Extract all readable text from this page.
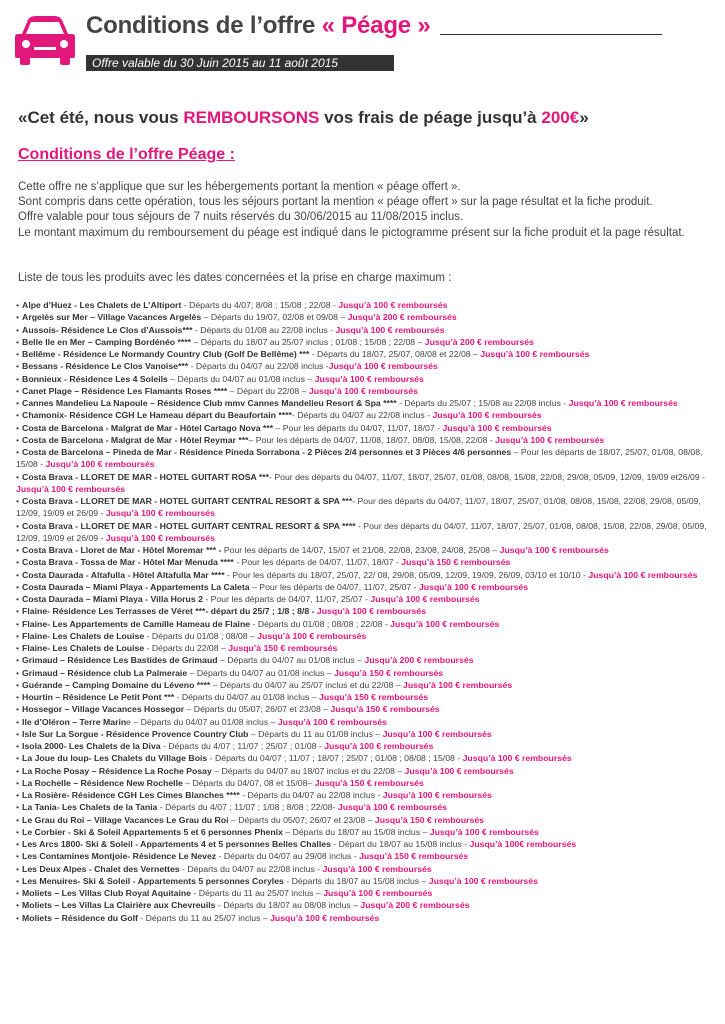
Conditions de l’offre « Péage »
Offre valable du 30 Juin 2015 au 11 août 2015
«Cet été, nous vous REMBOURSONS vos frais de péage jusqu’à 200€»
Conditions de l’offre Péage :

Cette offre ne s’applique que sur les hébergements portant la mention « péage offert ».

Sont compris dans cette opération, tous les séjours portant la mention « péage offert » sur la page résultat et la fiche produit.

Offre valable pour tous séjours de 7 nuits réservés du 30/06/2015 au 11/08/2015 inclus.

Le montant maximum du remboursement du péage est indiqué dans le pictogramme présent sur la fiche produit et la page résultat.

Liste de tous les produits avec les dates concernées et la prise en charge maximum :
• Alpe d’Huez - Les Chalets de L’Altiport - Départs du 4/07; 8/08 ; 15/08 ; 22/08 - Jusqu’à 100 € remboursés
• Argelès sur Mer – Village Vacances Argelès – Départs du 19/07, 02/08 et 09/08 – Jusqu’à 200 € remboursés
• Aussois- Résidence Le Clos d’Aussois*** - Départs du 01/08 au 22/08 inclus - Jusqu’à 100 € remboursés
• Belle Ile en Mer – Camping Bordénéo **** – Départs du 18/07 au 25/07 inclus ; 01/08 ; 15/08 ; 22/08 – Jusqu’à 200 € remboursés
• Bellême - Résidence Le Normandy Country Club (Golf De Bellême) *** - Départs du 18/07, 25/07, 08/08 et 22/08 – Jusqu’à 100 € remboursés
• Bessans - Résidence Le Clos Vanoise*** - Départs du 04/07 au 22/08 inclus -Jusqu’à 100 € remboursés
• Bonnieux - Résidence Les 4 Soleils – Départs du 04/07 au 01/08 inclus – Jusqu’à 100 € remboursés
• Canet Plage – Résidence Les Flamants Roses **** – Départ du 22/08 – Jusqu’à 100 € remboursés
• Cannes Mandelieu La Napoule – Résidence Club mmv Cannes Mandelieu Resort & Spa **** - Départs du 25/07 ; 15/08 au 22/08 inclus - Jusqu’à 100 € remboursés
• Chamonix- Résidence CGH Le Hameau départ du Beaufortain ****- Départs du 04/07 au 22/08 inclus - Jusqu’à 100 € remboursés
• Costa de Barcelona - Malgrat de Mar - Hôtel Cartago Nova *** – Pour les départs du 04/07, 11/07, 18/07 - Jusqu’à 100 € remboursés
• Costa de Barcelona - Malgrat de Mar - Hôtel Reymar ***– Pour les départs de 04/07, 11/08, 18/07, 08/08, 15/08, 22/08 - Jusqu’à 100 € remboursés
• Costa de Barcelona – Pineda de Mar - Résidence Pineda Sorrabona - 2 Pièces 2/4 personnes et 3 Pièces 4/6 personnes – Pour les départs de 18/07, 25/07, 01/08, 08/08, 15/08 - Jusqu’à 100 € remboursés
• Costa Brava - LLORET DE MAR - HOTEL GUITART ROSA ***- Pour des départs du 04/07, 11/07, 18/07, 25/07, 01/08, 08/08, 15/08, 22/08, 29/08, 05/09, 12/09, 19/09 et26/09 - Jusqu’à 100 € remboursés
• Costa Brava - LLORET DE MAR - HOTEL GUITART CENTRAL RESORT & SPA ***- Pour des départs du 04/07, 11/07, 18/07, 25/07, 01/08, 08/08, 15/08, 22/08, 29/08, 05/09, 12/09, 19/09 et 26/09 - Jusqu’à 100 € remboursés
• Costa Brava - LLORET DE MAR - HOTEL GUITART CENTRAL RESORT & SPA **** - Pour des départs du 04/07, 11/07, 18/07, 25/07, 01/08, 08/08, 15/08, 22/08, 29/08, 05/09, 12/09, 19/09 et 26/09 - Jusqu’à 100 € remboursés
• Costa Brava - Lloret de Mar - Hôtel Moremar *** - Pour les départs de 14/07, 15/07 et 21/08, 22/08, 23/08, 24/08, 25/08 – Jusqu’à 100 € remboursés
• Costa Brava - Tossa de Mar - Hôtel Mar Menuda **** - Pour les départs de 04/07, 11/07, 18/07 - Jusqu’à 150 € remboursés
• Costa Daurada - Altafulla - Hôtel Altafulla Mar **** - Pour les départs du 18/07, 25/07, 22/ 08, 29/08, 05/09, 12/09, 19/09, 26/09, 03/10 et 10/10 - Jusqu’à 100 € remboursés
• Costa Daurada – Miami Playa - Appartements La Caleta – Pour les départs de 04/07, 11/07, 25/07 - Jusqu’à 100 € remboursés
• Costa Daurada – Miami Playa - Villa Horus 2 - Pour les départs de 04/07, 11/07, 25/07 - Jusqu’à 100 € remboursés
• Flaine- Résidence Les Terrasses de Véret ***- départ du 25/7 ; 1/8 ; 8/8 - Jusqu’à 100 € remboursés
• Flaine- Les Appartements de Camille Hameau de Flaine - Départs du 01/08 ; 08/08 ; 22/08 - Jusqu’à 100 € remboursés
• Flaine- Les Chalets de Louise - Départs du 01/08 ; 08/08 – Jusqu’à 100 € remboursés
• Flaine- Les Chalets de Louise - Départs du 22/08 – Jusqu’à 150 € remboursés
• Grimaud – Résidence Les Bastides de Grimaud – Départs du 04/07 au 01/08 inclus – Jusqu’à 200 € remboursés
• Grimaud – Résidence club La Palmeraie – Départs du 04/07 au 01/08 inclus – Jusqu’à 150 € remboursés
• Guérande – Camping Domaine du Léveno **** – Départs du 04/07 au 25/07 inclus et du 22/08 – Jusqu’à 100 € remboursés
• Hourtin – Résidence Le Petit Pont *** - Départs du 04/07 au 01/08 inclus – Jusqu’à 150 € remboursés
• Hossegor – Village Vacances Hossegor – Départs du 05/07; 26/07 et 23/08 – Jusqu’à 150 € remboursés
• Ile d’Oléron – Terre Marine – Départs du 04/07 au 01/08 inclus – Jusqu’à 100 € remboursés
• Isle Sur La Sorgue - Résidence Provence Country Club – Départs du 11 au 01/08 inclus – Jusqu’à 100 € remboursés
• Isola 2000- Les Chalets de la Diva - Départs du 4/07 ; 11/07 ; 25/07 ; 01/08 - Jusqu’à 100 € remboursés
• La Joue du loup- Les Chalets du Village Bois - Départs du 04/07 ; 11/07 ; 18/07 ; 25/07 ; 01/08 ; 08/08 ; 15/08 - Jusqu’à 100 € remboursés
• La Roche Posay – Résidence La Roche Posay – Départs du 04/07 au 18/07 inclus et du 22/08 – Jusqu’à 100 € remboursés
• La Rochelle – Résidence New Rochelle – Départs du 04/07, 08 et 15/08– Jusqu’à 150 € remboursés
• La Rosière- Résidence CGH Les Cimes Blanches **** - Départs du 04/07 au 22/08 inclus - Jusqu’à 100 € remboursés
• La Tania- Les Chalets de la Tania - Départs du 4/07 ; 11/07 ; 1/08 ; 8/08 ; 22/08- Jusqu’à 100 € remboursés
• Le Grau du Roi – Village Vacances Le Grau du Roi – Départs du 05/07; 26/07 et 23/08 – Jusqu’à 150 € remboursés
• Le Corbier - Ski & Soleil Appartements 5 et 6 personnes Phenix – Départs du 18/07 au 15/08 inclus – Jusqu’à 100 € remboursés
• Les Arcs 1800- Ski & Soleil - Appartements 4 et 5 personnes Belles Challes - Départ du 18/07 au 15/08 inclus - Jusqu’à 100€ remboursés
• Les Contamines Montjoie- Résidence Le Nevez - Départs du 04/07 au 29/08 inclus - Jusqu’à 150 € remboursés
• Les Deux Alpes - Chalet des Vernettes - Départs du 04/07 au 22/08 inclus - Jusqu’à 100 € remboursés
• Les Menuires- Ski & Soleil - Appartements 5 personnes Coryles - Départs du 18/07 au 15/08 inclus – Jusqu’à 100 € remboursés
• Moliets – Les Villas Club Royal Aquitaine - Départs du 11 au 25/07 inclus – Jusqu’à 100 € remboursés
• Moliets – Les Villas La Clairière aux Chevreuils - Départs du 18/07 au 08/08 inclus – Jusqu’à 200 € remboursés
• Moliets – Résidence du Golf - Départs du 11 au 25/07 inclus – Jusqu’à 100 € remboursés
